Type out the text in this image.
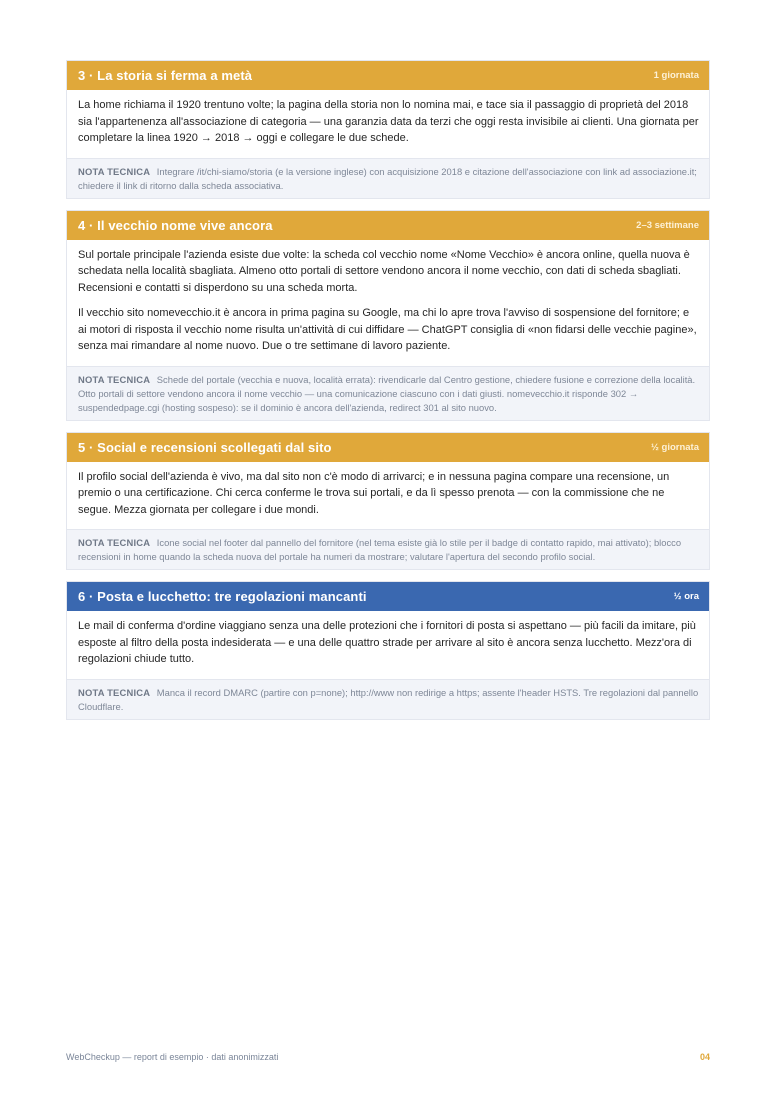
3 · La storia si ferma a metà	1 giornata

La home richiama il 1920 trentuno volte; la pagina della storia non lo nomina mai, e tace sia il passaggio di proprietà del 2018 sia l'appartenenza all'associazione di categoria — una garanzia data da terzi che oggi resta invisibile ai clienti. Una giornata per completare la linea 1920 → 2018 → oggi e collegare le due schede.

NOTA TECNICA Integrare /it/chi-siamo/storia (e la versione inglese) con acquisizione 2018 e citazione dell'associazione con link ad associazione.it; chiedere il link di ritorno dalla scheda associativa.
4 · Il vecchio nome vive ancora	2–3 settimane

Sul portale principale l'azienda esiste due volte: la scheda col vecchio nome «Nome Vecchio» è ancora online, quella nuova è schedata nella località sbagliata. Almeno otto portali di settore vendono ancora il nome vecchio, con dati di scheda sbagliati. Recensioni e contatti si disperdono su una scheda morta.

Il vecchio sito nomevecchio.it è ancora in prima pagina su Google, ma chi lo apre trova l'avviso di sospensione del fornitore; e ai motori di risposta il vecchio nome risulta un'attività di cui diffidare — ChatGPT consiglia di «non fidarsi delle vecchie pagine», senza mai rimandare al nome nuovo. Due o tre settimane di lavoro paziente.

NOTA TECNICA Schede del portale (vecchia e nuova, località errata): rivendicarle dal Centro gestione, chiedere fusione e correzione della località. Otto portali di settore vendono ancora il nome vecchio — una comunicazione ciascuno con i dati giusti. nomevecchio.it risponde 302 → suspendedpage.cgi (hosting sospeso): se il dominio è ancora dell'azienda, redirect 301 al sito nuovo.
5 · Social e recensioni scollegati dal sito	½ giornata

Il profilo social dell'azienda è vivo, ma dal sito non c'è modo di arrivarci; e in nessuna pagina compare una recensione, un premio o una certificazione. Chi cerca conferme le trova sui portali, e da lì spesso prenota — con la commissione che ne segue. Mezza giornata per collegare i due mondi.

NOTA TECNICA Icone social nel footer dal pannello del fornitore (nel tema esiste già lo stile per il badge di contatto rapido, mai attivato); blocco recensioni in home quando la scheda nuova del portale ha numeri da mostrare; valutare l'apertura del secondo profilo social.
6 · Posta e lucchetto: tre regolazioni mancanti	½ ora

Le mail di conferma d'ordine viaggiano senza una delle protezioni che i fornitori di posta si aspettano — più facili da imitare, più esposte al filtro della posta indesiderata — e una delle quattro strade per arrivare al sito è ancora senza lucchetto. Mezz'ora di regolazioni chiude tutto.

NOTA TECNICA Manca il record DMARC (partire con p=none); http://www non redirige a https; assente l'header HSTS. Tre regolazioni dal pannello Cloudflare.
WebCheckup — report di esempio · dati anonimizzati	04
